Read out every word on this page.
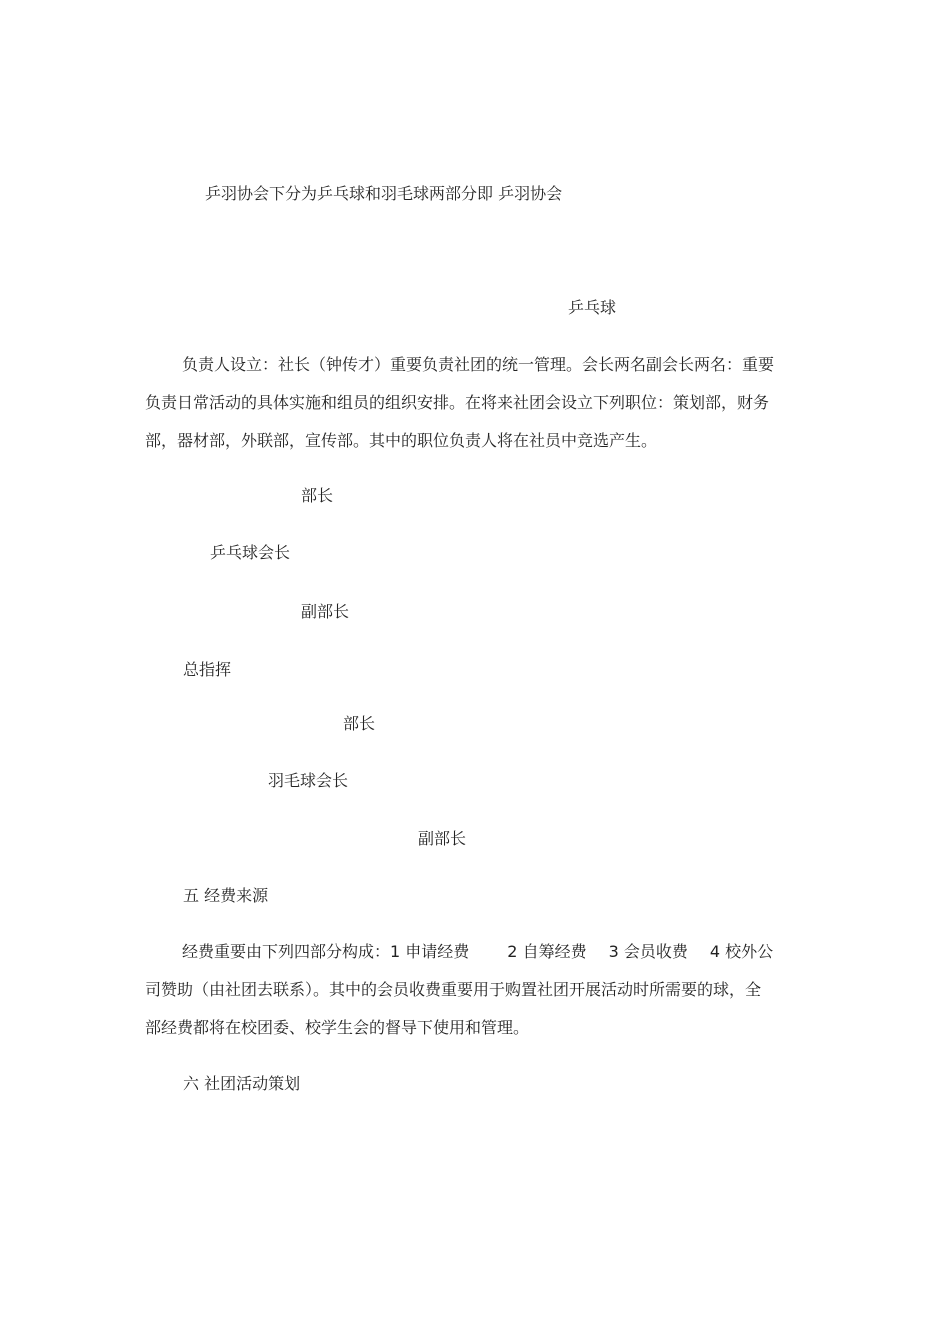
乒羽协会下分为乒乓球和羽毛球两部分即 乒羽协会
乒乓球
负责人设立：社长（钟传才）重要负责社团的统一管理。会长两名副会长两名：重要
负责日常活动的具体实施和组员的组织安排。在将来社团会设立下列职位：策划部，财务
部，器材部，外联部，宣传部。其中的职位负责人将在社员中竞选产生。
部长
乒乓球会长
副部长
总指挥
部长
羽毛球会长
副部长
五 经费来源
经费重要由下列四部分构成：1 申请经费 2 自筹经费 3 会员收费 4 校外公
司赞助（由社团去联系）。其中的会员收费重要用于购置社团开展活动时所需要的球，全
部经费都将在校团委、校学生会的督导下使用和管理。
六 社团活动策划
